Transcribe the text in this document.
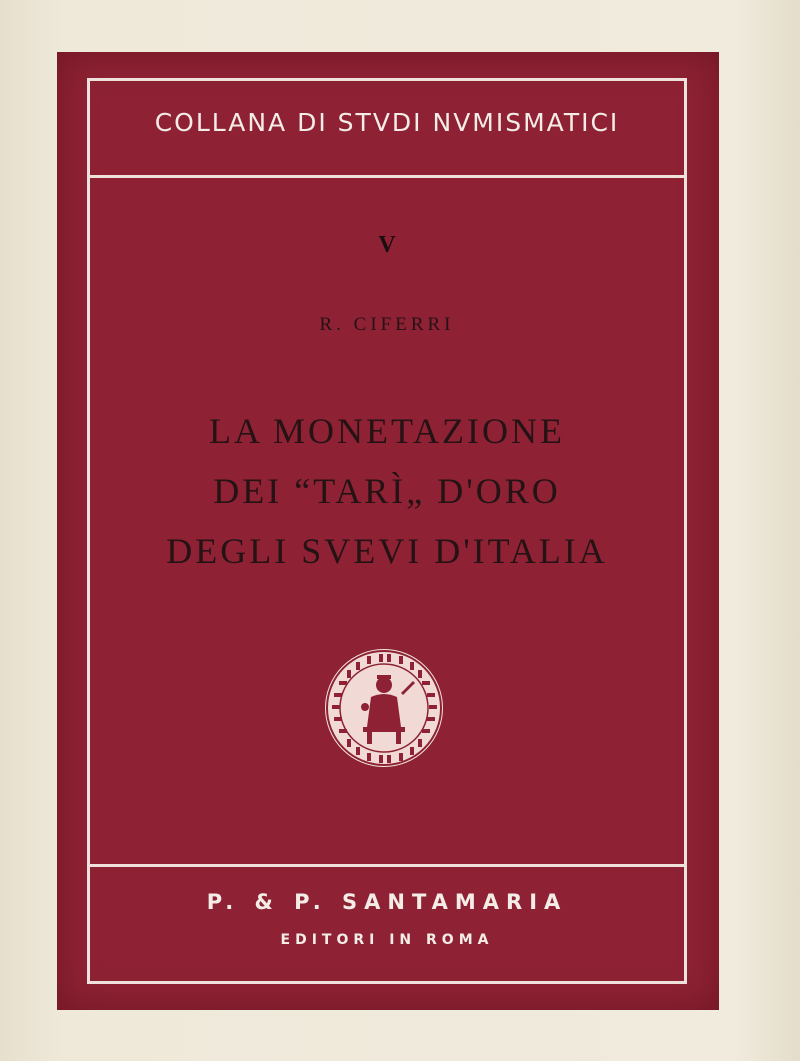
COLLANA DI STVDI NVMISMATICI
V
R. CIFERRI
LA MONETAZIONE
DEI “TARÌ„ D'ORO
DEGLI SVEVI D'ITALIA
P. & P. SANTAMARIA
EDITORI IN ROMA
